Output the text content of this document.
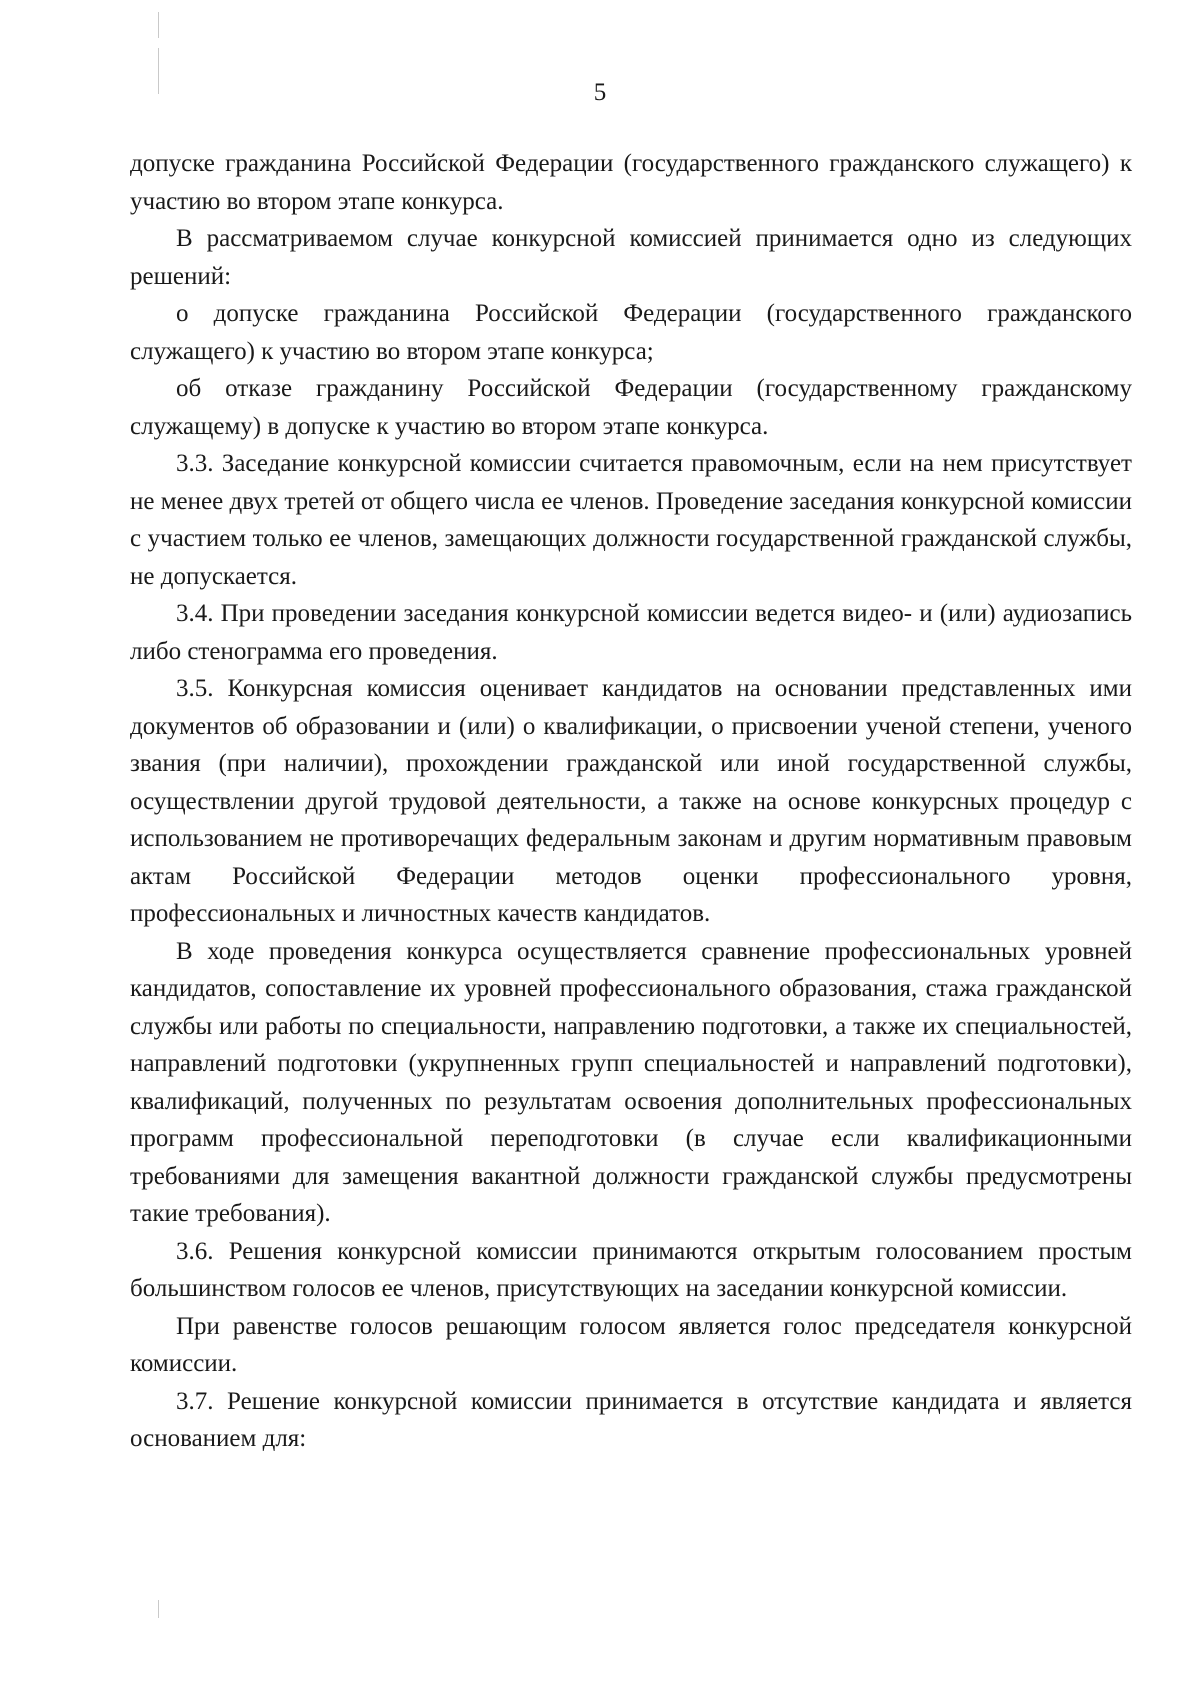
5

допуске гражданина Российской Федерации (государственного гражданского служащего) к участию во втором этапе конкурса.

В рассматриваемом случае конкурсной комиссией принимается одно из следующих решений:

о допуске гражданина Российской Федерации (государственного гражданского служащего) к участию во втором этапе конкурса;

об отказе гражданину Российской Федерации (государственному гражданскому служащему) в допуске к участию во втором этапе конкурса.

3.3. Заседание конкурсной комиссии считается правомочным, если на нем присутствует не менее двух третей от общего числа ее членов. Проведение заседания конкурсной комиссии с участием только ее членов, замещающих должности государственной гражданской службы, не допускается.

3.4. При проведении заседания конкурсной комиссии ведется видео- и (или) аудиозапись либо стенограмма его проведения.

3.5. Конкурсная комиссия оценивает кандидатов на основании представленных ими документов об образовании и (или) о квалификации, о присвоении ученой степени, ученого звания (при наличии), прохождении гражданской или иной государственной службы, осуществлении другой трудовой деятельности, а также на основе конкурсных процедур с использованием не противоречащих федеральным законам и другим нормативным правовым актам Российской Федерации методов оценки профессионального уровня, профессиональных и личностных качеств кандидатов.

В ходе проведения конкурса осуществляется сравнение профессиональных уровней кандидатов, сопоставление их уровней профессионального образования, стажа гражданской службы или работы по специальности, направлению подготовки, а также их специальностей, направлений подготовки (укрупненных групп специальностей и направлений подготовки), квалификаций, полученных по результатам освоения дополнительных профессиональных программ профессиональной переподготовки (в случае если квалификационными требованиями для замещения вакантной должности гражданской службы предусмотрены такие требования).

3.6. Решения конкурсной комиссии принимаются открытым голосованием простым большинством голосов ее членов, присутствующих на заседании конкурсной комиссии.

При равенстве голосов решающим голосом является голос председателя конкурсной комиссии.

3.7. Решение конкурсной комиссии принимается в отсутствие кандидата и является основанием для:
